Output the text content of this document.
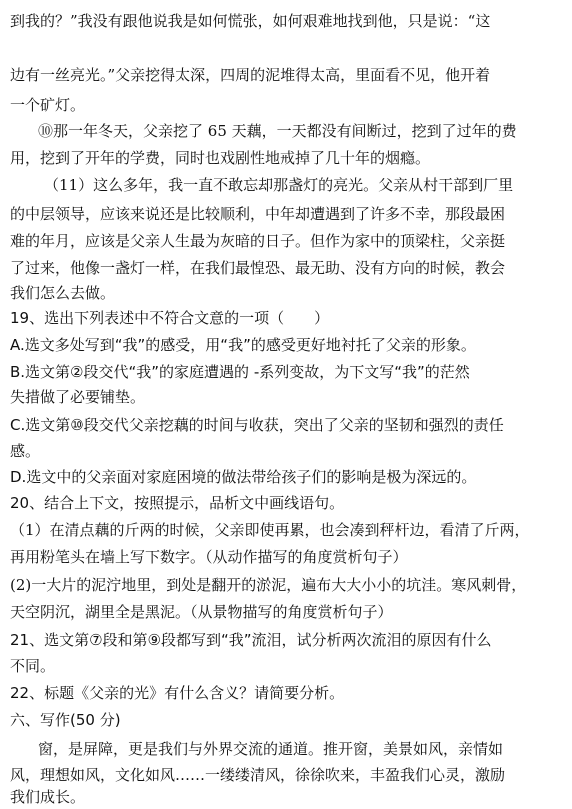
到我的？”我没有跟他说我是如何慌张，如何艰难地找到他，只是说：“这
边有一丝亮光。”父亲挖得太深，四周的泥堆得太高，里面看不见，他开着
一个矿灯。
⑩那一年冬天，父亲挖了 65 天藕，一天都没有间断过，挖到了过年的费
用，挖到了开年的学费，同时也戏剧性地戒掉了几十年的烟瘾。
（11）这么多年，我一直不敢忘却那盏灯的亮光。父亲从村干部到厂里
的中层领导，应该来说还是比较顺利，中年却遭遇到了许多不幸，那段最困
难的年月，应该是父亲人生最为灰暗的日子。但作为家中的顶梁柱，父亲挺
了过来，他像一盏灯一样，在我们最惶恐、最无助、没有方向的时候，教会
我们怎么去做。
19、选出下列表述中不符合文意的一项（　　）
A.选文多处写到“我”的感受，用“我”的感受更好地衬托了父亲的形象。
B.选文第②段交代“我”的家庭遭遇的 -系列变故，为下文写“我”的茫然
失措做了必要铺垫。
C.选文第⑩段交代父亲挖藕的时间与收获，突出了父亲的坚韧和强烈的责任
感。
D.选文中的父亲面对家庭困境的做法带给孩子们的影响是极为深远的。
20、结合上下文，按照提示，品析文中画线语句。
（1）在清点藕的斤两的时候，父亲即使再累，也会凑到秤杆边，看清了斤两，
再用粉笔头在墙上写下数字。（从动作描写的角度赏析句子）
(2)一大片的泥泞地里，到处是翻开的淤泥，遍布大大小小的坑洼。寒风刺骨，
天空阴沉，湖里全是黑泥。（从景物描写的角度赏析句子）
21、选文第⑦段和第⑨段都写到“我”流泪，试分析两次流泪的原因有什么
不同。
22、标题《父亲的光》有什么含义？请简要分析。
六、写作(50 分)
窗，是屏障，更是我们与外界交流的通道。推开窗，美景如风，亲情如
风，理想如风，文化如风……一缕缕清风，徐徐吹来，丰盈我们心灵，激励
我们成长。
